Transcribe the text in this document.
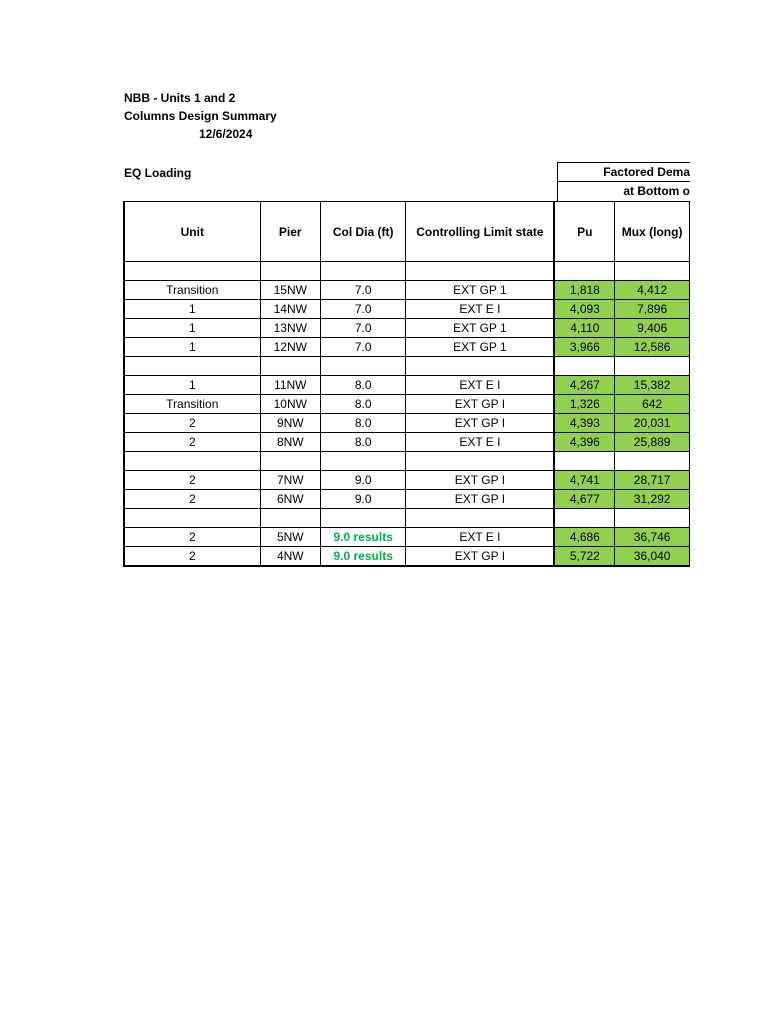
NBB - Units 1 and 2
Columns Design Summary
12/6/2024
EQ Loading	Factored Dema
at Bottom o
Unit	Pier	Col Dia (ft)	Controlling Limit state	Pu	Mux (long)

Transition	15NW	7.0	EXT GP 1	1,818	4,412
1	14NW	7.0	EXT E I	4,093	7,896
1	13NW	7.0	EXT GP 1	4,110	9,406
1	12NW	7.0	EXT GP 1	3,966	12,586

1	11NW	8.0	EXT E I	4,267	15,382
Transition	10NW	8.0	EXT GP I	1,326	642
2	9NW	8.0	EXT GP I	4,393	20,031
2	8NW	8.0	EXT E I	4,396	25,889

2	7NW	9.0	EXT GP I	4,741	28,717
2	6NW	9.0	EXT GP I	4,677	31,292

2	5NW	9.0 results	EXT E I	4,686	36,746
2	4NW	9.0 results	EXT GP I	5,722	36,040
